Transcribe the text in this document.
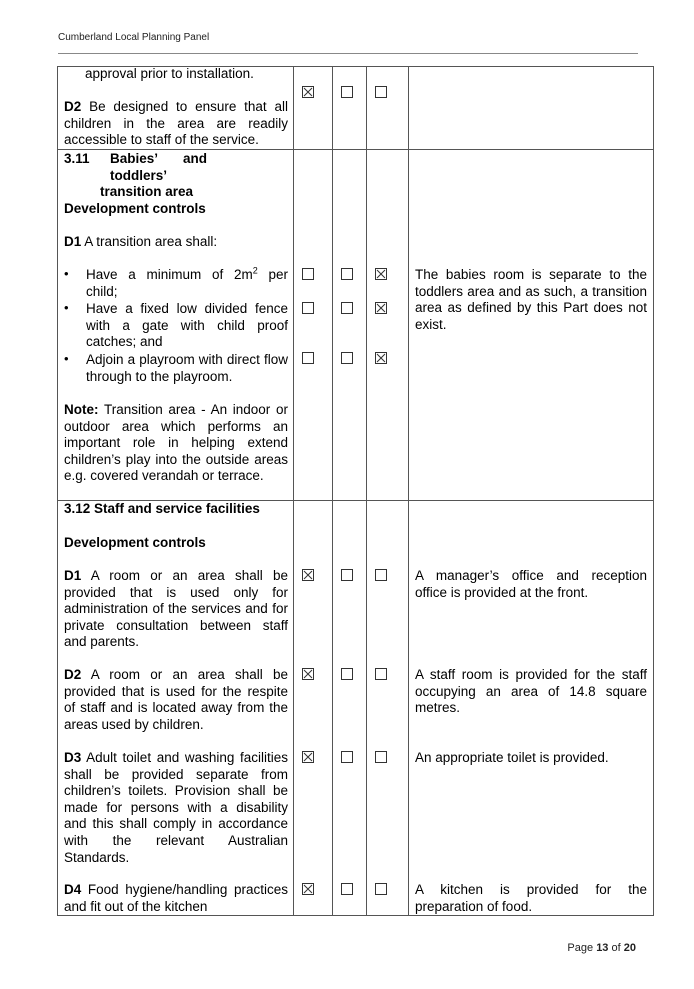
Cumberland Local Planning Panel
approval prior to installation.
D2 Be designed to ensure that all children in the area are readily accessible to staff of the service.
3.11 Babies’ and toddlers’
transition area
Development controls
D1 A transition area shall:
• Have a minimum of $2m^2$ per child;
• Have a fixed low divided fence with a gate with child proof catches; and
• Adjoin a playroom with direct flow through to the playroom.
Note: Transition area - An indoor or outdoor area which performs an important role in helping extend children’s play into the outside areas e.g. covered verandah or terrace.
The babies room is separate to the toddlers area and as such, a transition area as defined by this Part does not exist.
3.12 Staff and service facilities
Development controls
D1 A room or an area shall be provided that is used only for administration of the services and for private consultation between staff and parents.
A manager’s office and reception office is provided at the front.
D2 A room or an area shall be provided that is used for the respite of staff and is located away from the areas used by children.
A staff room is provided for the staff occupying an area of 14.8 square metres.
D3 Adult toilet and washing facilities shall be provided separate from children’s toilets. Provision shall be made for persons with a disability and this shall comply in accordance with the relevant Australian Standards.
An appropriate toilet is provided.
D4 Food hygiene/handling practices and fit out of the kitchen
A kitchen is provided for the preparation of food.
Page 13 of 20
